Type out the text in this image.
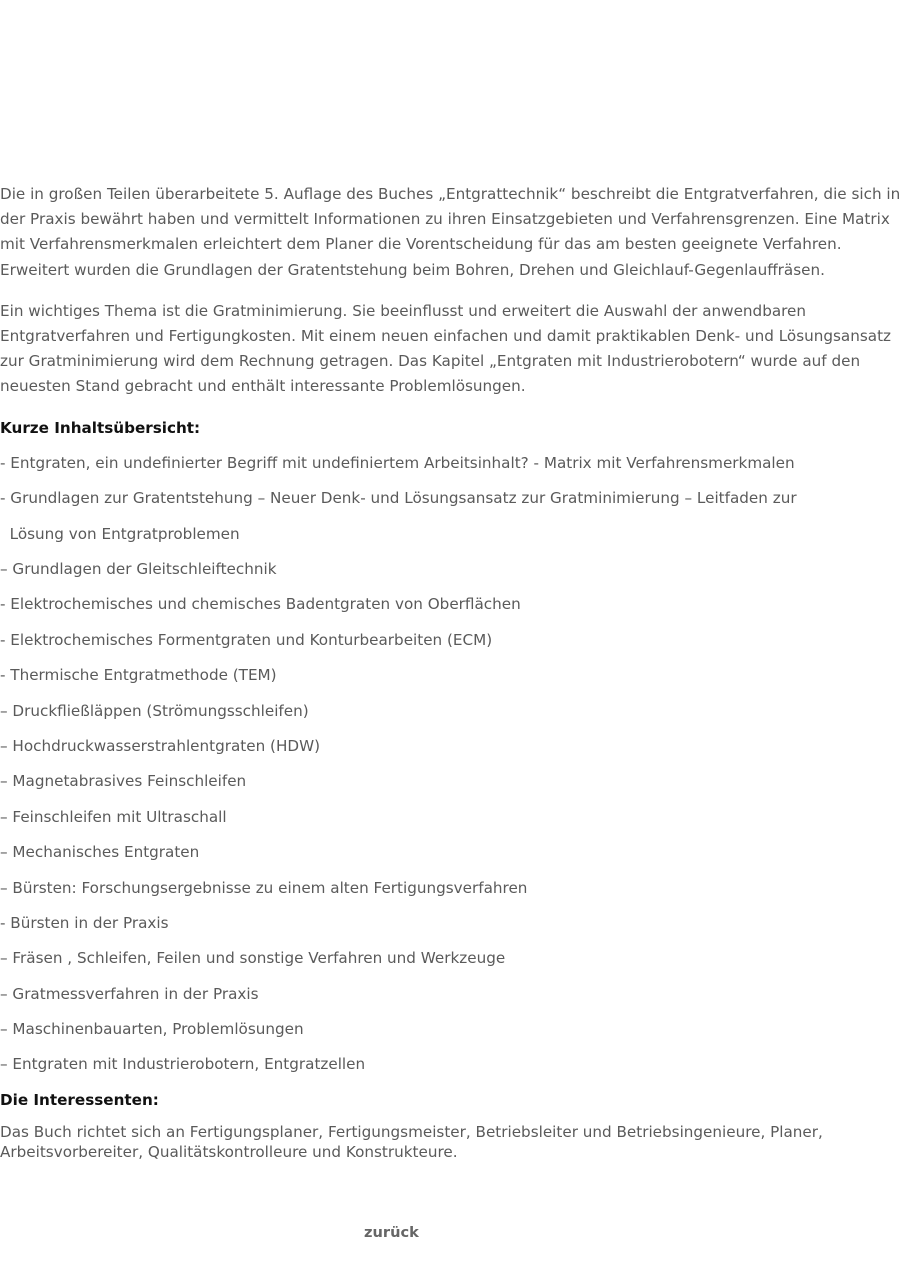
Die in großen Teilen überarbeitete 5. Auflage des Buches „Entgrattechnik“ beschreibt die Entgratverfahren, die sich in der Praxis bewährt haben und vermittelt Informationen zu ihren Einsatzgebieten und Verfahrensgrenzen. Eine Matrix mit Verfahrensmerkmalen erleichtert dem Planer die Vorentscheidung für das am besten geeignete Verfahren. Erweitert wurden die Grundlagen der Gratentstehung beim Bohren, Drehen und Gleichlauf-Gegenlauffräsen.

Ein wichtiges Thema ist die Gratminimierung. Sie beeinflusst und erweitert die Auswahl der anwendbaren Entgratverfahren und Fertigungkosten. Mit einem neuen einfachen und damit praktikablen Denk- und Lösungsansatz zur Gratminimierung wird dem Rechnung getragen. Das Kapitel „Entgraten mit Industrierobotern“ wurde auf den neuesten Stand gebracht und enthält interessante Problemlösungen.

Kurze Inhaltsübersicht:
- Entgraten, ein undefinierter Begriff mit undefiniertem Arbeitsinhalt? - Matrix mit Verfahrensmerkmalen
- Grundlagen zur Gratentstehung – Neuer Denk- und Lösungsansatz zur Gratminimierung – Leitfaden zur
Lösung von Entgratproblemen
– Grundlagen der Gleitschleiftechnik
- Elektrochemisches und chemisches Badentgraten von Oberflächen
- Elektrochemisches Formentgraten und Konturbearbeiten (ECM)
- Thermische Entgratmethode (TEM)
– Druckfließläppen (Strömungsschleifen)
– Hochdruckwasserstrahlentgraten (HDW)
– Magnetabrasives Feinschleifen
– Feinschleifen mit Ultraschall
– Mechanisches Entgraten
– Bürsten: Forschungsergebnisse zu einem alten Fertigungsverfahren
- Bürsten in der Praxis
– Fräsen , Schleifen, Feilen und sonstige Verfahren und Werkzeuge
– Gratmessverfahren in der Praxis
– Maschinenbauarten, Problemlösungen
– Entgraten mit Industrierobotern, Entgratzellen
Die Interessenten:

Das Buch richtet sich an Fertigungsplaner, Fertigungsmeister, Betriebsleiter und Betriebsingenieure, Planer, Arbeitsvorbereiter, Qualitätskontrolleure und Konstrukteure.

zurück
